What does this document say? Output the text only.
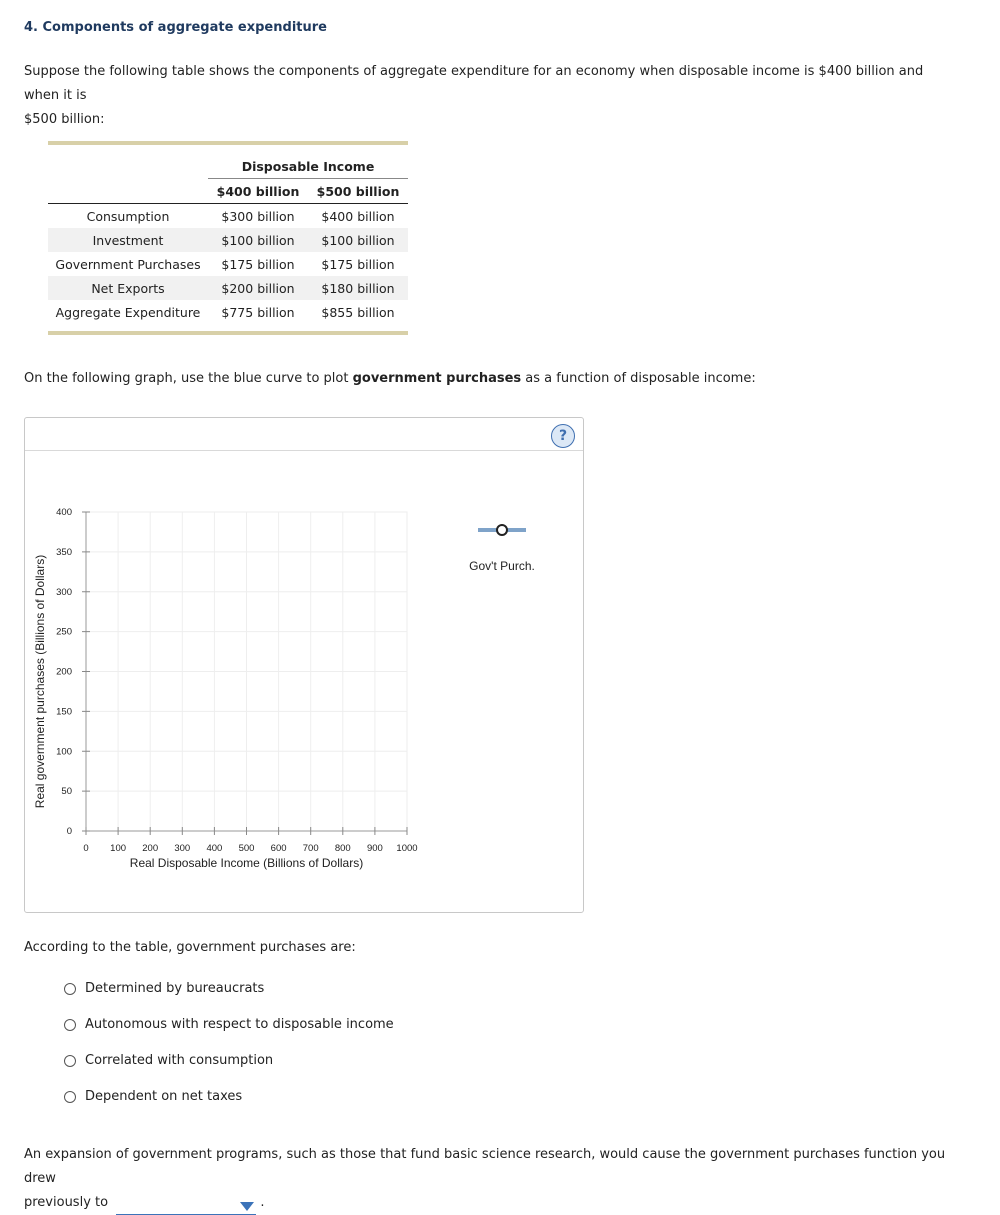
4. Components of aggregate expenditure

Suppose the following table shows the components of aggregate expenditure for an economy when disposable income is $400 billion and when it is

$500 billion:

	Disposable Income	
	$400 billion	$500 billion
Consumption	$300 billion	$400 billion
Investment	$100 billion	$100 billion
Government Purchases	$175 billion	$175 billion
Net Exports	$200 billion	$180 billion
Aggregate Expenditure	$775 billion	$855 billion

On the following graph, use the blue curve to plot government purchases as a function of disposable income:
?
0 100 200 300 400 500 600 700 800 900 1000
0
50
100
150
200
250
300
350
400
Real Disposable Income (Billions of Dollars)
Real government purchases (Billions of Dollars)	Gov't Purch.
According to the table, government purchases are:
Determined by bureaucrats
Autonomous with respect to disposable income
Correlated with consumption
Dependent on net taxes
An expansion of government programs, such as those that fund basic science research, would cause the government purchases function you drew
previously to	.
